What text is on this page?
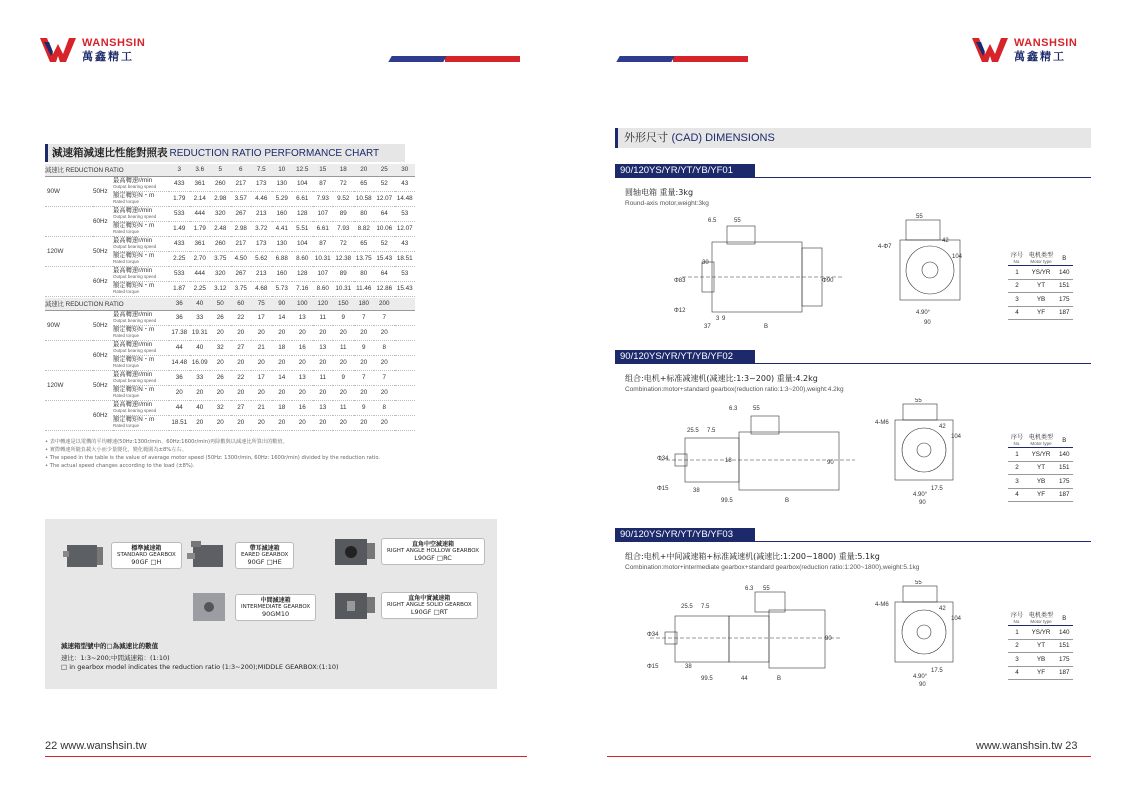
WANSHSIN
萬鑫精工
減速箱減速比性能對照表 REDUCTION RATIO PERFORMANCE CHART
減速比 REDUCTION RATIO			3	3.6	5	6	7.5	10	12.5	15	18	20	25	30
90W	50Hz	最高轉速r/min
Output bearing speed	433	361	260	217	173	130	104	87	72	65	52	43
		額定轉矩N・m
Rated torque	1.79	2.14	2.98	3.57	4.46	5.29	6.61	7.93	9.52	10.58	12.07	14.48
	60Hz	最高轉速r/min
Output bearing speed	533	444	320	267	213	160	128	107	89	80	64	53
		額定轉矩N・m
Rated torque	1.49	1.79	2.48	2.98	3.72	4.41	5.51	6.61	7.93	8.82	10.06	12.07
120W	50Hz	最高轉速r/min
Output bearing speed	433	361	260	217	173	130	104	87	72	65	52	43
		額定轉矩N・m
Rated torque	2.25	2.70	3.75	4.50	5.62	6.88	8.60	10.31	12.38	13.75	15.43	18.51
	60Hz	最高轉速r/min
Output bearing speed	533	444	320	267	213	160	128	107	89	80	64	53
		額定轉矩N・m
Rated torque	1.87	2.25	3.12	3.75	4.68	5.73	7.16	8.60	10.31	11.46	12.86	15.43
減速比 REDUCTION RATIO			36	40	50	60	75	90	100	120	150	180	200	
90W	50Hz	最高轉速r/min
Output bearing speed	36	33	26	22	17	14	13	11	9	7	7	
		額定轉矩N・m
Rated torque	17.38	19.31	20	20	20	20	20	20	20	20	20	
	60Hz	最高轉速r/min
Output bearing speed	44	40	32	27	21	18	16	13	11	9	8	
		額定轉矩N・m
Rated torque	14.48	16.09	20	20	20	20	20	20	20	20	20	
120W	50Hz	最高轉速r/min
Output bearing speed	36	33	26	22	17	14	13	11	9	7	7	
		額定轉矩N・m
Rated torque	20	20	20	20	20	20	20	20	20	20	20	
	60Hz	最高轉速r/min
Output bearing speed	44	40	32	27	21	18	16	13	11	9	8	
		額定轉矩N・m
Rated torque	18.51	20	20	20	20	20	20	20	20	20	20	
• 表中轉速是以電機的平均轉速(50Hz:1300r/min、60Hz:1600r/min)再除數與以減速比所算出的數值。
• 實際轉速所隨負載大小而少量變化，變化範圍為±8%左右。
• The speed in the table is the value of average motor speed (50Hz: 1300r/min, 60Hz: 1600r/min) divided by the reduction ratio.
• The actual speed changes according to the load (±8%).
標準減速箱
STANDARD GEARBOX
90GF □H
帶耳減速箱
EARED GEARBOX
90GF □HE
直角中空減速箱
RIGHT ANGLE HOLLOW GEARBOX
L90GF □RC
中間減速箱
INTERMEDIATE GEARBOX
90GM10
直角中實減速箱
RIGHT ANGLE SOLID GEARBOX
L90GF □RT
減速箱型號中的□為減速比的數值
速比：1:3~200;中間減速箱：(1:10)
□ in gearbox model indicates the reduction ratio (1:3~200);MIDDLE GEARBOX:(1:10)
22 www.wanshsin.tw
WANSHSIN
萬鑫精工
外形尺寸 (CAD) DIMENSIONS
90/120YS/YR/YT/YB/YF01
圆轴电箱 重量:3kg
Round-axis motor,weight:3kg
6.5	55
30
Φ83
Φ12
3
37
9
B
4-Φ7
55
42
104
4.90°
90
Φ90
序号
No.	电机类型
Motor type	B
1	YS/YR	140
2	YT	151
3	YB	175
4	YF	187
90/120YS/YR/YT/YB/YF02
组合:电机+标准减速机(减速比:1:3~200) 重量:4.2kg
Combination:motor+standard gearbox(reduction ratio:1:3~200),weight:4.2kg
6.3	55
25.5 7.5
Φ34
Φ15	38
99.5	B
18	90
4-M6
55
42
104
17.5
4.90°
90
序号
No.	电机类型
Motor type	B
1	YS/YR	140
2	YT	151
3	YB	175
4	YF	187
90/120YS/YR/YT/YB/YF03
组合:电机+中间减速箱+标准减速机(减速比:1:200~1800) 重量:5.1kg
Combination:motor+intermediate gearbox+standard gearbox(reduction ratio:1:200~1800),weight:5.1kg
6.3 55
25.5 7.5
Φ34
Φ15	38
99.5	44	B
90
4-M6
55
42
104
17.5
4.90°
90
序号
No.	电机类型
Motor type	B
1	YS/YR	140
2	YT	151
3	YB	175
4	YF	187
www.wanshsin.tw 23
